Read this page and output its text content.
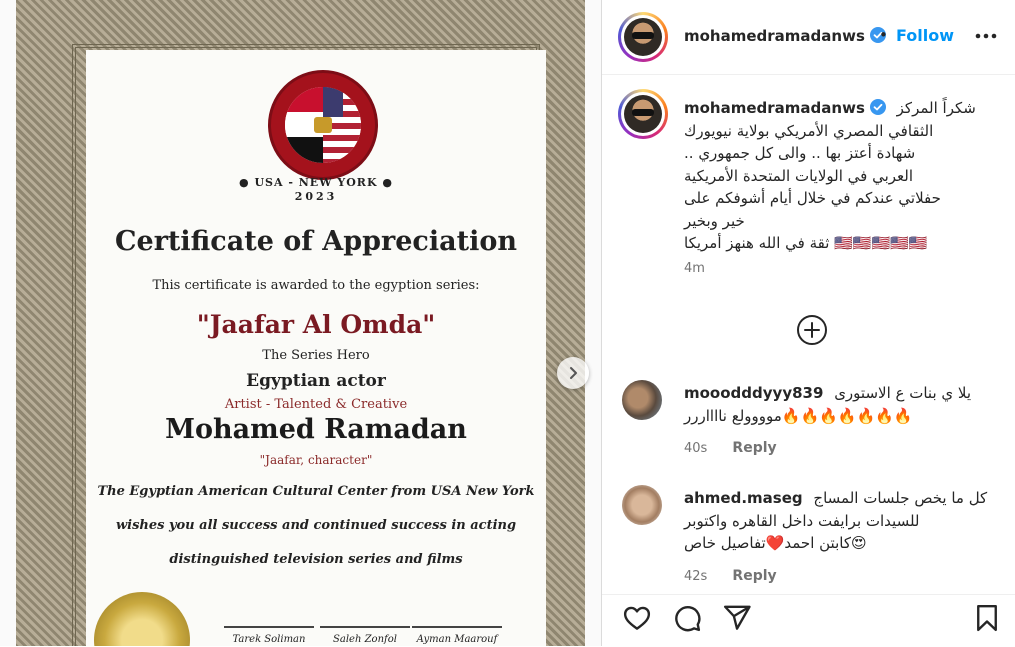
● USA - NEW YORK ●
2023
Certificate of Appreciation
This certificate is awarded to the egyption series:
"Jaafar Al Omda"
The Series Hero
Egyptian actor
Artist - Talented & Creative
Mohamed Ramadan
"Jaafar, character"
The Egyptian American Cultural Center from USA New York
wishes you all success and continued success in acting
distinguished television series and films
Tarek Soliman	Saleh Zonfol	Ayman Maarouf
mohamedramadanws • Follow
mohamedramadanws شكراً المركز
الثقافي المصري الأمريكي بولاية نيويورك
.. شهادة أعتز بها .. والى كل جمهوري
العربي في الولايات المتحدة الأمريكية
حفلاتي عندكم في خلال أيام أشوفكم على
خير وبخير
ثقة في الله هنهز أمريكا 🇺🇸🇺🇸🇺🇸🇺🇸🇺🇸
4m
mooodddyyy839 يلا ي بنات ع الاستورى
موووولع نااااررر🔥🔥🔥🔥🔥🔥🔥
40s Reply
ahmed.maseg كل ما يخص جلسات المساج
للسيدات برايفت داخل القاهره واكتوبر
كابتن احمد❤️تفاصيل خاص😍
42s Reply
